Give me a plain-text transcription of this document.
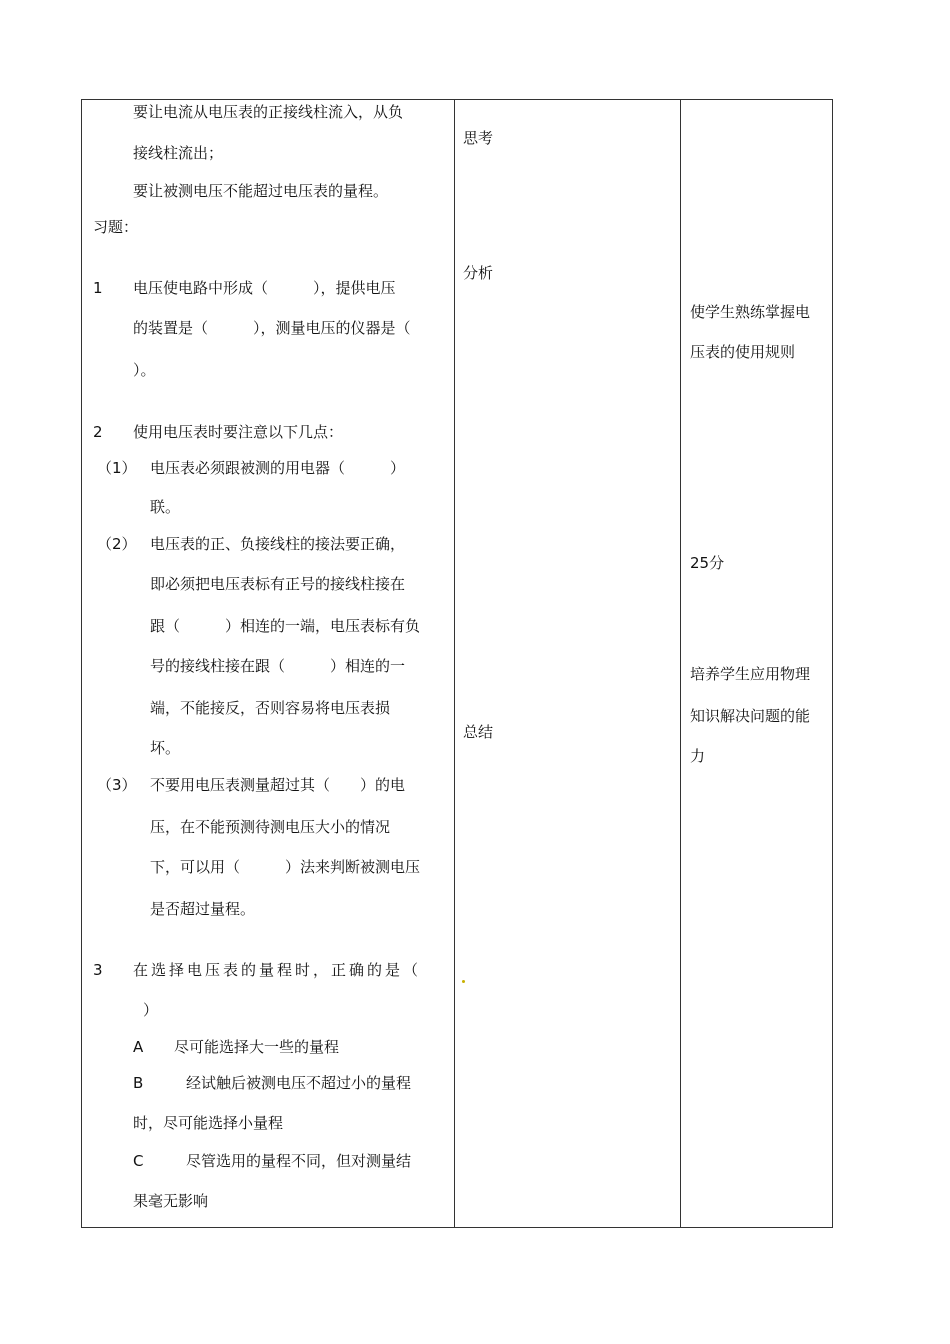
要让电流从电压表的正接线柱流入，从负
接线柱流出；
要让被测电压不能超过电压表的量程。
习题：
1 电压使电路中形成（　　　），提供电压
的装置是（　　　），测量电压的仪器是（
）。
2 使用电压表时要注意以下几点：
（1） 电压表必须跟被测的用电器（　　　）
联。
（2） 电压表的正、负接线柱的接法要正确，
即必须把电压表标有正号的接线柱接在
跟（　　　）相连的一端，电压表标有负
号的接线柱接在跟（　　　）相连的一
端，不能接反，否则容易将电压表损
坏。
（3） 不要用电压表测量超过其（　　）的电
压，在不能预测待测电压大小的情况
下，可以用（　　　）法来判断被测电压
是否超过量程。
3 在选择电压表的量程时，正确的是（
）
A 尽可能选择大一些的量程
B	经试触后被测电压不超过小的量程
时，尽可能选择小量程
C	尽管选用的量程不同，但对测量结
果毫无影响
思考
分析
总结
使学生熟练掌握电
压表的使用规则
25分
培养学生应用物理
知识解决问题的能
力
